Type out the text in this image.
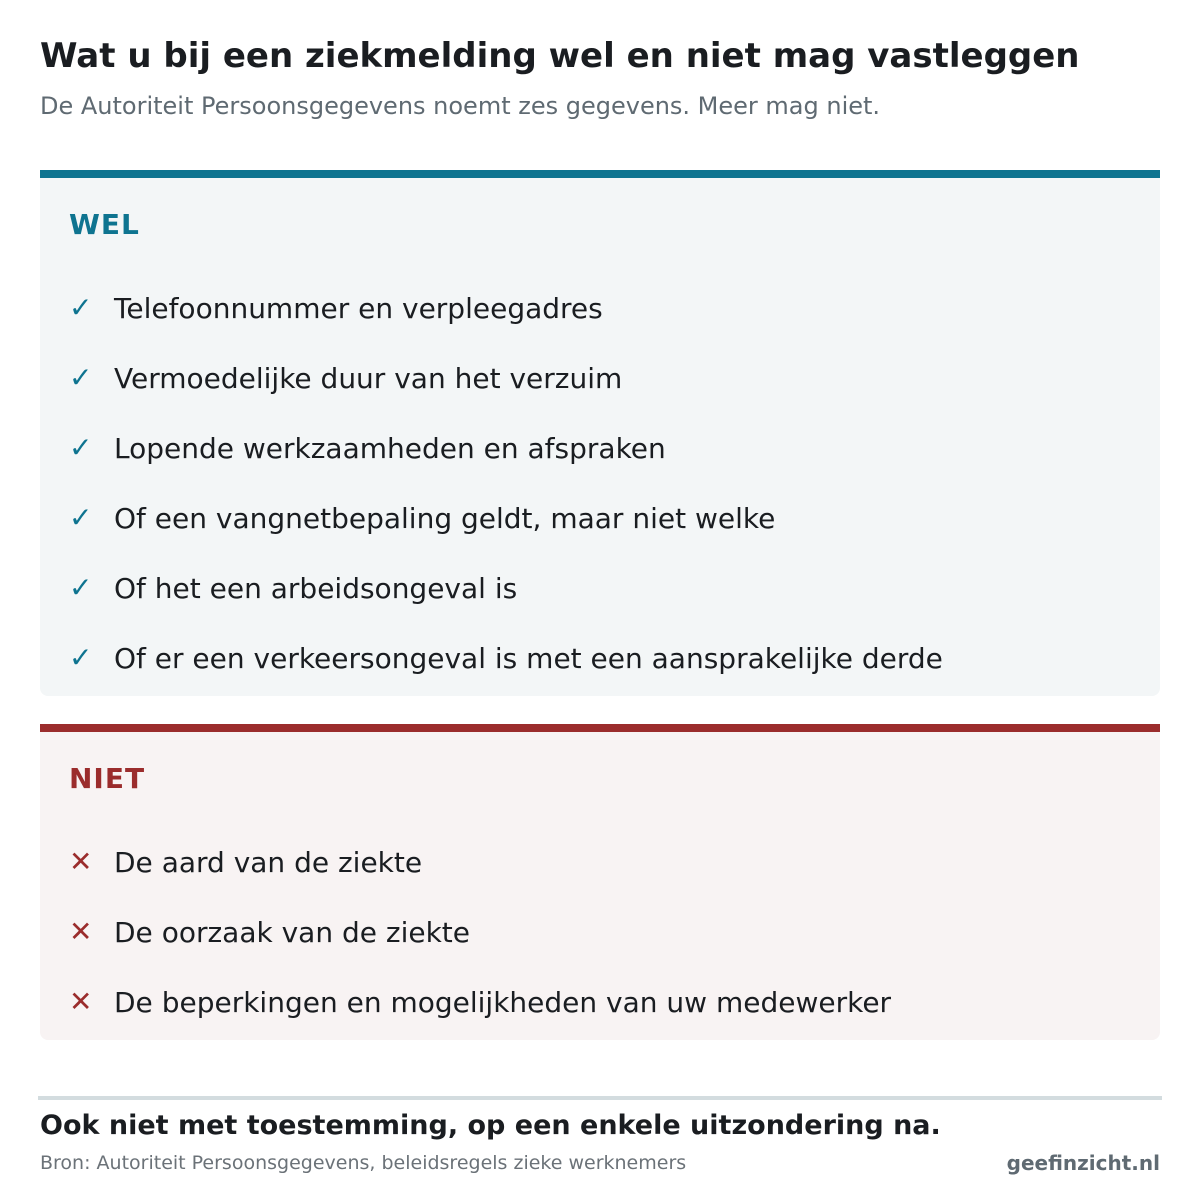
Wat u bij een ziekmelding wel en niet mag vastleggen
De Autoriteit Persoonsgegevens noemt zes gegevens. Meer mag niet.
WEL
✓ Telefoonnummer en verpleegadres
✓ Vermoedelijke duur van het verzuim
✓ Lopende werkzaamheden en afspraken
✓ Of een vangnetbepaling geldt, maar niet welke
✓ Of het een arbeidsongeval is
✓ Of er een verkeersongeval is met een aansprakelijke derde
NIET
✕ De aard van de ziekte
✕ De oorzaak van de ziekte
✕ De beperkingen en mogelijkheden van uw medewerker
Ook niet met toestemming, op een enkele uitzondering na.
Bron: Autoriteit Persoonsgegevens, beleidsregels zieke werknemers	geefinzicht.nl
